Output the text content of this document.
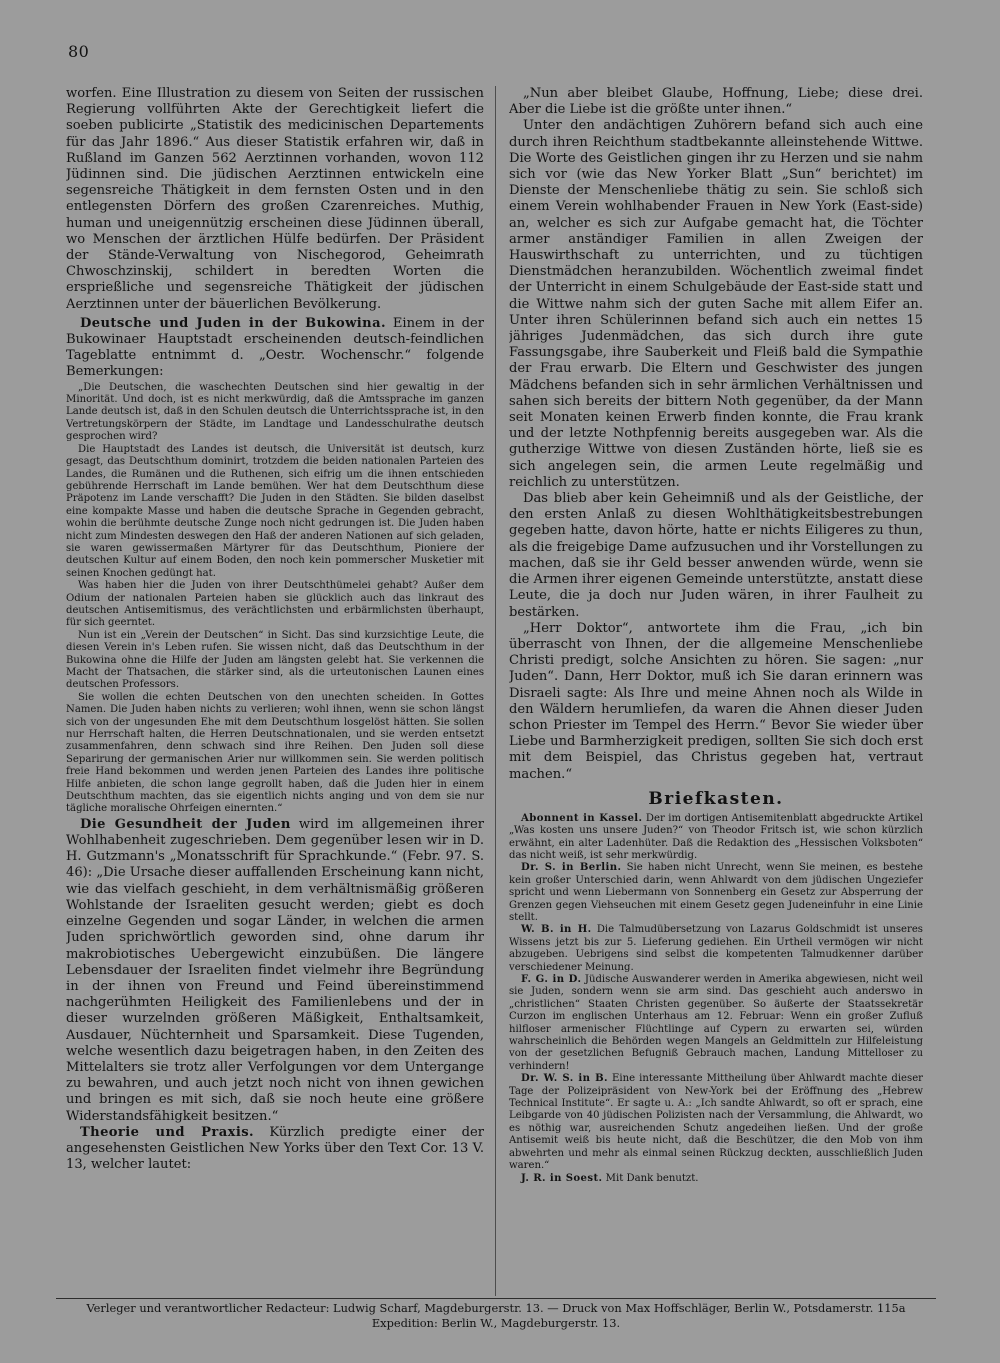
80

worfen. Eine Illustration zu diesem von Seiten der russischen Regierung vollführten Akte der Gerechtigkeit liefert die soeben publicirte „Statistik des medicinischen Departements für das Jahr 1896.“ Aus dieser Statistik erfahren wir, daß in Rußland im Ganzen 562 Aerztinnen vorhanden, wovon 112 Jüdinnen sind. Die jüdischen Aerztinnen entwickeln eine segensreiche Thätigkeit in dem fernsten Osten und in den entlegensten Dörfern des großen Czarenreiches. Muthig, human und uneigennützig erscheinen diese Jüdinnen überall, wo Menschen der ärztlichen Hülfe bedürfen. Der Präsident der Stände-Verwaltung von Nischegorod, Geheimrath Chwoschzinskij, schildert in beredten Worten die ersprießliche und segensreiche Thätigkeit der jüdischen Aerztinnen unter der bäuerlichen Bevölkerung.

Deutsche und Juden in der Bukowina. Einem in der Bukowinaer Hauptstadt erscheinenden deutsch-feindlichen Tageblatte entnimmt d. „Oestr. Wochenschr.“ folgende Bemerkungen:

„Die Deutschen, die waschechten Deutschen sind hier gewaltig in der Minorität. Und doch, ist es nicht merkwürdig, daß die Amtssprache im ganzen Lande deutsch ist, daß in den Schulen deutsch die Unterrichtssprache ist, in den Vertretungskörpern der Städte, im Landtage und Landesschulrathe deutsch gesprochen wird?

Die Hauptstadt des Landes ist deutsch, die Universität ist deutsch, kurz gesagt, das Deutschthum dominirt, trotzdem die beiden nationalen Parteien des Landes, die Rumänen und die Ruthenen, sich eifrig um die ihnen entschieden gebührende Herrschaft im Lande bemühen. Wer hat dem Deutschthum diese Präpotenz im Lande verschafft? Die Juden in den Städten. Sie bilden daselbst eine kompakte Masse und haben die deutsche Sprache in Gegenden gebracht, wohin die berühmte deutsche Zunge noch nicht gedrungen ist. Die Juden haben nicht zum Mindesten deswegen den Haß der anderen Nationen auf sich geladen, sie waren gewissermaßen Märtyrer für das Deutschthum, Pioniere der deutschen Kultur auf einem Boden, den noch kein pommerscher Musketier mit seinen Knochen gedüngt hat.

Was haben hier die Juden von ihrer Deutschthümelei gehabt? Außer dem Odium der nationalen Parteien haben sie glücklich auch das linkraut des deutschen Antisemitismus, des verächtlichsten und erbärmlichsten überhaupt, für sich geerntet.

Nun ist ein „Verein der Deutschen“ in Sicht. Das sind kurzsichtige Leute, die diesen Verein in's Leben rufen. Sie wissen nicht, daß das Deutschthum in der Bukowina ohne die Hilfe der Juden am längsten gelebt hat. Sie verkennen die Macht der Thatsachen, die stärker sind, als die urteutonischen Launen eines deutschen Professors.

Sie wollen die echten Deutschen von den unechten scheiden. In Gottes Namen. Die Juden haben nichts zu verlieren; wohl ihnen, wenn sie schon längst sich von der ungesunden Ehe mit dem Deutschthum losgelöst hätten. Sie sollen nur Herrschaft halten, die Herren Deutschnationalen, und sie werden entsetzt zusammenfahren, denn schwach sind ihre Reihen. Den Juden soll diese Separirung der germanischen Arier nur willkommen sein. Sie werden politisch freie Hand bekommen und werden jenen Parteien des Landes ihre politische Hilfe anbieten, die schon lange gegrollt haben, daß die Juden hier in einem Deutschthum machten, das sie eigentlich nichts anging und von dem sie nur tägliche moralische Ohrfeigen einernten.“

Die Gesundheit der Juden wird im allgemeinen ihrer Wohlhabenheit zugeschrieben. Dem gegenüber lesen wir in D. H. Gutzmann's „Monatsschrift für Sprachkunde.“ (Febr. 97. S. 46): „Die Ursache dieser auffallenden Erscheinung kann nicht, wie das vielfach geschieht, in dem verhältnismäßig größeren Wohlstande der Israeliten gesucht werden; giebt es doch einzelne Gegenden und sogar Länder, in welchen die armen Juden sprichwörtlich geworden sind, ohne darum ihr makrobiotisches Uebergewicht einzubüßen. Die längere Lebensdauer der Israeliten findet vielmehr ihre Begründung in der ihnen von Freund und Feind übereinstimmend nachgerühmten Heiligkeit des Familienlebens und der in dieser wurzelnden größeren Mäßigkeit, Enthaltsamkeit, Ausdauer, Nüchternheit und Sparsamkeit. Diese Tugenden, welche wesentlich dazu beigetragen haben, in den Zeiten des Mittelalters sie trotz aller Verfolgungen vor dem Untergange zu bewahren, und auch jetzt noch nicht von ihnen gewichen und bringen es mit sich, daß sie noch heute eine größere Widerstandsfähigkeit besitzen.“

Theorie und Praxis. Kürzlich predigte einer der angesehensten Geistlichen New Yorks über den Text Cor. 13 V. 13, welcher lautet:

„Nun aber bleibet Glaube, Hoffnung, Liebe; diese drei. Aber die Liebe ist die größte unter ihnen.“

Unter den andächtigen Zuhörern befand sich auch eine durch ihren Reichthum stadtbekannte alleinstehende Wittwe. Die Worte des Geistlichen gingen ihr zu Herzen und sie nahm sich vor (wie das New Yorker Blatt „Sun“ berichtet) im Dienste der Menschenliebe thätig zu sein. Sie schloß sich einem Verein wohlhabender Frauen in New York (East-side) an, welcher es sich zur Aufgabe gemacht hat, die Töchter armer anständiger Familien in allen Zweigen der Hauswirthschaft zu unterrichten, und zu tüchtigen Dienstmädchen heranzubilden. Wöchentlich zweimal findet der Unterricht in einem Schulgebäude der East-side statt und die Wittwe nahm sich der guten Sache mit allem Eifer an. Unter ihren Schülerinnen befand sich auch ein nettes 15 jähriges Judenmädchen, das sich durch ihre gute Fassungsgabe, ihre Sauberkeit und Fleiß bald die Sympathie der Frau erwarb. Die Eltern und Geschwister des jungen Mädchens befanden sich in sehr ärmlichen Verhältnissen und sahen sich bereits der bittern Noth gegenüber, da der Mann seit Monaten keinen Erwerb finden konnte, die Frau krank und der letzte Nothpfennig bereits ausgegeben war. Als die gutherzige Wittwe von diesen Zuständen hörte, ließ sie es sich angelegen sein, die armen Leute regelmäßig und reichlich zu unterstützen.

Das blieb aber kein Geheimniß und als der Geistliche, der den ersten Anlaß zu diesen Wohlthätigkeitsbestrebungen gegeben hatte, davon hörte, hatte er nichts Eiligeres zu thun, als die freigebige Dame aufzusuchen und ihr Vorstellungen zu machen, daß sie ihr Geld besser anwenden würde, wenn sie die Armen ihrer eigenen Gemeinde unterstützte, anstatt diese Leute, die ja doch nur Juden wären, in ihrer Faulheit zu bestärken.

„Herr Doktor“, antwortete ihm die Frau, „ich bin überrascht von Ihnen, der die allgemeine Menschenliebe Christi predigt, solche Ansichten zu hören. Sie sagen: „nur Juden“. Dann, Herr Doktor, muß ich Sie daran erinnern was Disraeli sagte: Als Ihre und meine Ahnen noch als Wilde in den Wäldern herumliefen, da waren die Ahnen dieser Juden schon Priester im Tempel des Herrn.“ Bevor Sie wieder über Liebe und Barmherzigkeit predigen, sollten Sie sich doch erst mit dem Beispiel, das Christus gegeben hat, vertraut machen.“

Briefkasten.

Abonnent in Kassel. Der im dortigen Antisemitenblatt abgedruckte Artikel „Was kosten uns unsere Juden?“ von Theodor Fritsch ist, wie schon kürzlich erwähnt, ein alter Ladenhüter. Daß die Redaktion des „Hessischen Volksboten“ das nicht weiß, ist sehr merkwürdig.

Dr. S. in Berlin. Sie haben nicht Unrecht, wenn Sie meinen, es bestehe kein großer Unterschied darin, wenn Ahlwardt von dem jüdischen Ungeziefer spricht und wenn Liebermann von Sonnenberg ein Gesetz zur Absperrung der Grenzen gegen Viehseuchen mit einem Gesetz gegen Judeneinfuhr in eine Linie stellt.

W. B. in H. Die Talmudübersetzung von Lazarus Goldschmidt ist unseres Wissens jetzt bis zur 5. Lieferung gediehen. Ein Urtheil vermögen wir nicht abzugeben. Uebrigens sind selbst die kompetenten Talmudkenner darüber verschiedener Meinung.

F. G. in D. Jüdische Auswanderer werden in Amerika abgewiesen, nicht weil sie Juden, sondern wenn sie arm sind. Das geschieht auch anderswo in „christlichen“ Staaten Christen gegenüber. So äußerte der Staatssekretär Curzon im englischen Unterhaus am 12. Februar: Wenn ein großer Zufluß hilfloser armenischer Flüchtlinge auf Cypern zu erwarten sei, würden wahrscheinlich die Behörden wegen Mangels an Geldmitteln zur Hilfeleistung von der gesetzlichen Befugniß Gebrauch machen, Landung Mittelloser zu verhindern!

Dr. W. S. in B. Eine interessante Mittheilung über Ahlwardt machte dieser Tage der Polizeipräsident von New-York bei der Eröffnung des „Hebrew Technical Institute“. Er sagte u. A.: „Ich sandte Ahlwardt, so oft er sprach, eine Leibgarde von 40 jüdischen Polizisten nach der Versammlung, die Ahlwardt, wo es nöthig war, ausreichenden Schutz angedeihen ließen. Und der große Antisemit weiß bis heute nicht, daß die Beschützer, die den Mob von ihm abwehrten und mehr als einmal seinen Rückzug deckten, ausschließlich Juden waren.“

J. R. in Soest. Mit Dank benutzt.

Verleger und verantwortlicher Redacteur: Ludwig Scharf, Magdeburgerstr. 13. — Druck von Max Hoffschläger, Berlin W., Potsdamerstr. 115a
Expedition: Berlin W., Magdeburgerstr. 13.
